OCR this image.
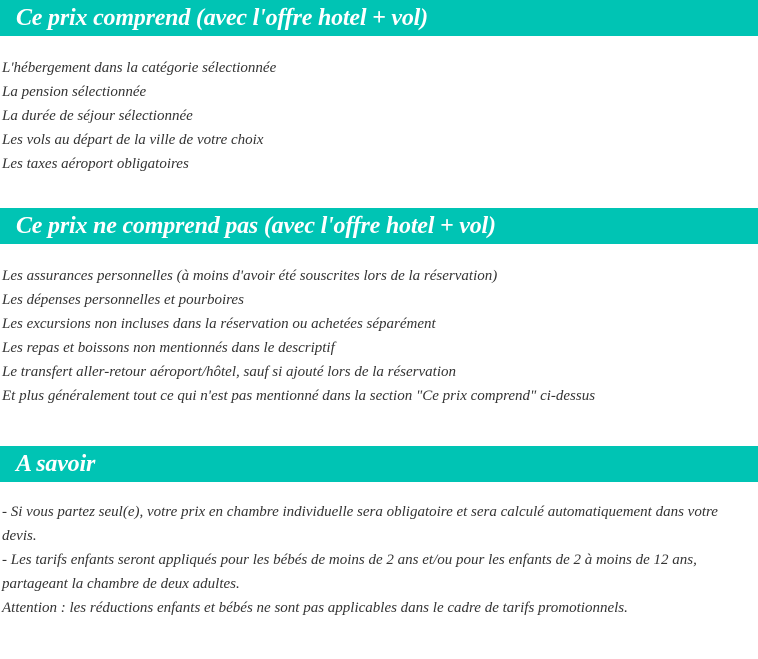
Ce prix comprend (avec l'offre hotel + vol)
L'hébergement dans la catégorie sélectionnée
La pension sélectionnée
La durée de séjour sélectionnée
Les vols au départ de la ville de votre choix
Les taxes aéroport obligatoires
Ce prix ne comprend pas (avec l'offre hotel + vol)
Les assurances personnelles (à moins d'avoir été souscrites lors de la réservation)
Les dépenses personnelles et pourboires
Les excursions non incluses dans la réservation ou achetées séparément
Les repas et boissons non mentionnés dans le descriptif
Le transfert aller-retour aéroport/hôtel, sauf si ajouté lors de la réservation
Et plus généralement tout ce qui n'est pas mentionné dans la section "Ce prix comprend" ci-dessus
A savoir

- Si vous partez seul(e), votre prix en chambre individuelle sera obligatoire et sera calculé automatiquement dans votre devis.

- Les tarifs enfants seront appliqués pour les bébés de moins de 2 ans et/ou pour les enfants de 2 à moins de 12 ans, partageant la chambre de deux adultes.

Attention : les réductions enfants et bébés ne sont pas applicables dans le cadre de tarifs promotionnels.
